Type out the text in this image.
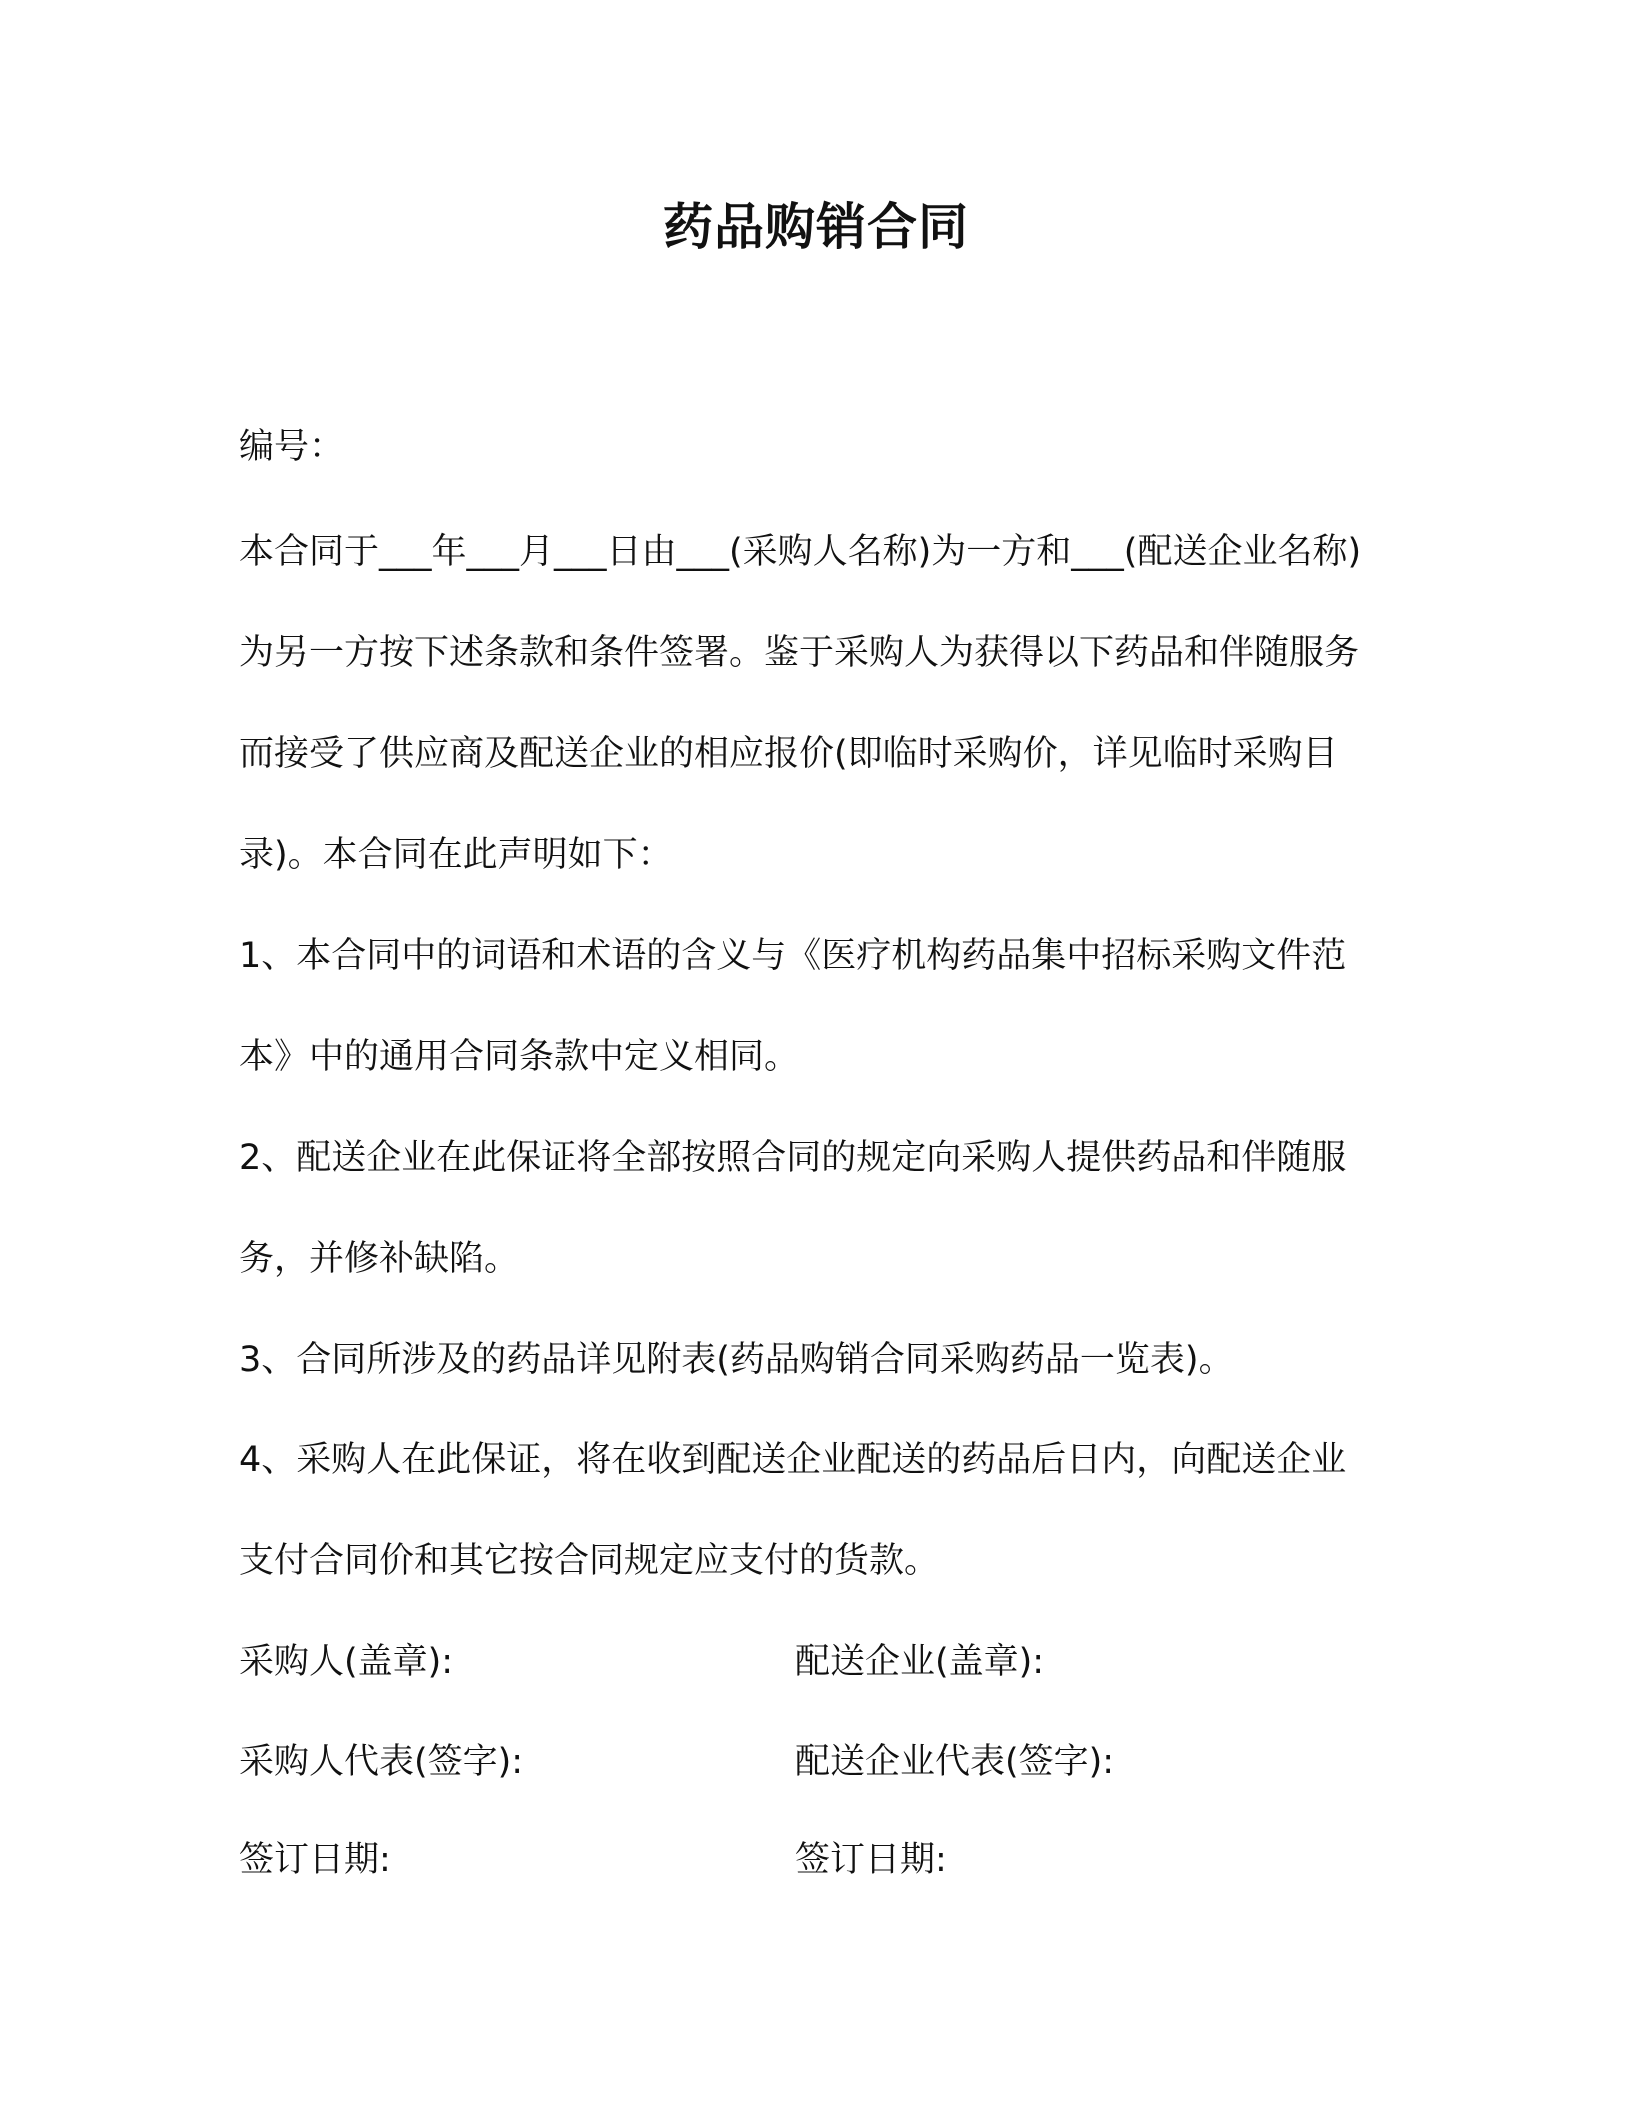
药品购销合同
编号：
本合同于___年___月___日由___(采购人名称)为一方和___(配送企业名称)为另一方按下述条款和条件签署。鉴于采购人为获得以下药品和伴随服务而接受了供应商及配送企业的相应报价(即临时采购价，详见临时采购目录)。本合同在此声明如下：
1、本合同中的词语和术语的含义与《医疗机构药品集中招标采购文件范本》中的通用合同条款中定义相同。
2、配送企业在此保证将全部按照合同的规定向采购人提供药品和伴随服务，并修补缺陷。
3、合同所涉及的药品详见附表(药品购销合同采购药品一览表)。
4、采购人在此保证，将在收到配送企业配送的药品后日内，向配送企业支付合同价和其它按合同规定应支付的货款。
采购人(盖章):	配送企业(盖章):
采购人代表(签字):	配送企业代表(签字):
签订日期:	签订日期:
